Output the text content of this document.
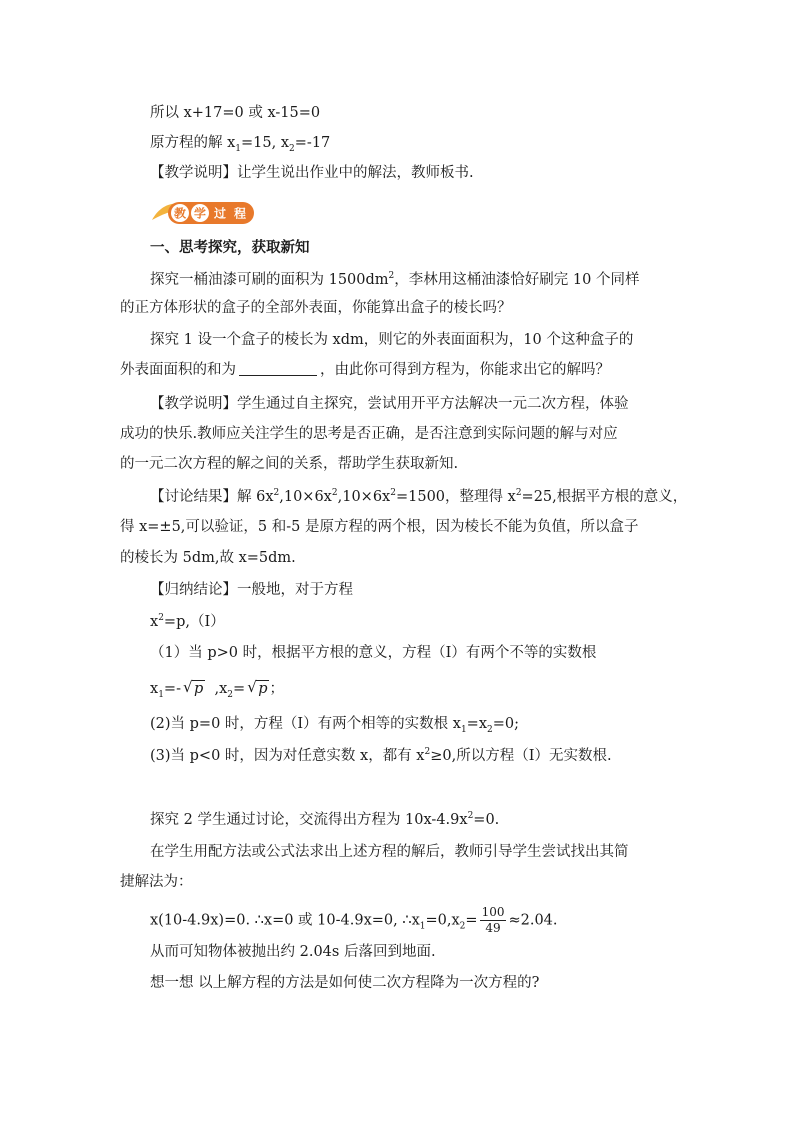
所以 x+17=0 或 x-15=0
原方程的解 $x_1=15$, $x_2=-17$
【教学说明】让学生说出作业中的解法，教师板书.
教 学 过 程
一、思考探究，获取新知
探究一桶油漆可刷的面积为 $1500dm^2$，李林用这桶油漆恰好刷完 10 个同样
的正方体形状的盒子的全部外表面，你能算出盒子的棱长吗？
探究 1 设一个盒子的棱长为 xdm，则它的外表面面积为，10 个这种盒子的
外表面面积的和为	，由此你可得到方程为，你能求出它的解吗？
【教学说明】学生通过自主探究，尝试用开平方法解决一元二次方程，体验
成功的快乐.教师应关注学生的思考是否正确，是否注意到实际问题的解与对应
的一元二次方程的解之间的关系，帮助学生获取新知.
【讨论结果】解 $6x^2,10\times 6x^2,10\times 6x^2=1500$，整理得 $x^2=25$,根据平方根的意义，
得 x=±5,可以验证，5 和-5 是原方程的两个根，因为棱长不能为负值，所以盒子
的棱长为 5dm,故 x=5dm.
【归纳结论】一般地，对于方程
$x^2=p,(Ⅰ)$
（1）当 p>0 时，根据平方根的意义，方程（Ⅰ）有两个不等的实数根
$x_1=-$ √ p $,x_2=$ √ p ；
(2)当 p=0 时，方程（Ⅰ）有两个相等的实数根 $x_1=x_2=0$;
(3)当 p<0 时，因为对任意实数 x，都有 $x^2\ge 0$,所以方程（Ⅰ）无实数根.
探究 2 学生通过讨论，交流得出方程为 $10x-4.9x^2=0$.
在学生用配方法或公式法求出上述方程的解后，教师引导学生尝试找出其简
捷解法为：
x(10-4.9x)=0. ∴x=0 或 10-4.9x=0, $\therefore x_1=0,x_2= \frac{100}{49} \approx 2.04$.
从而可知物体被抛出约 2.04s 后落回到地面.
想一想 以上解方程的方法是如何使二次方程降为一次方程的?
